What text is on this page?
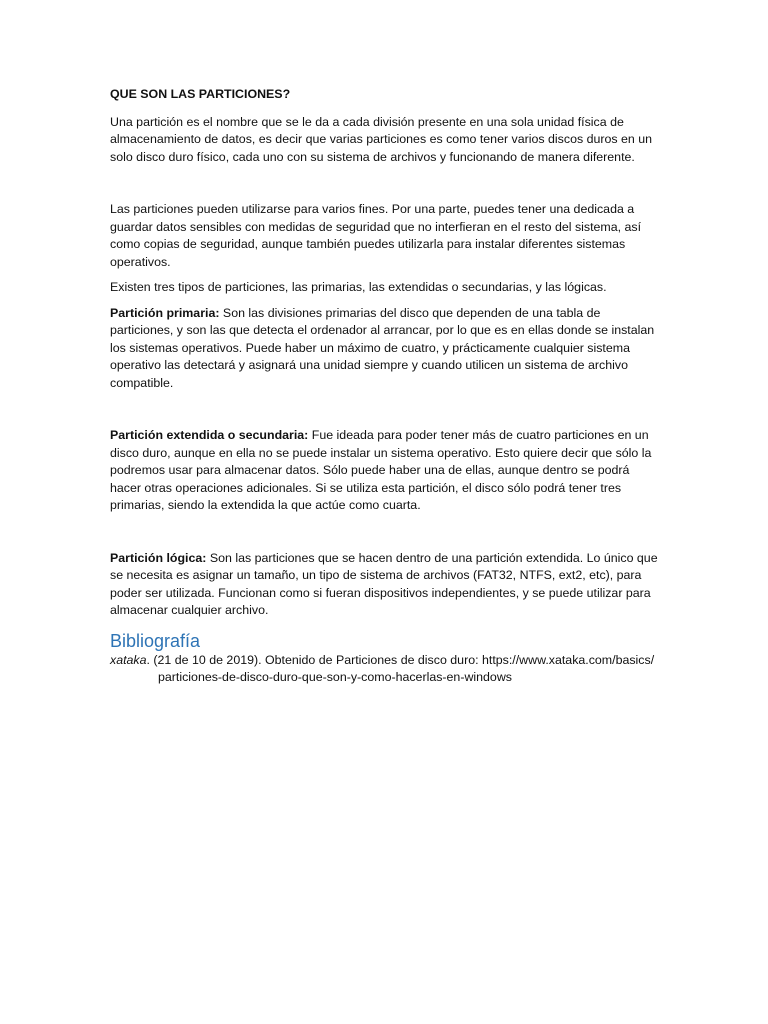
QUE SON LAS PARTICIONES?

Una partición es el nombre que se le da a cada división presente en una sola unidad física de almacenamiento de datos, es decir que varias particiones es como tener varios discos duros en un solo disco duro físico, cada uno con su sistema de archivos y funcionando de manera diferente.

Las particiones pueden utilizarse para varios fines. Por una parte, puedes tener una dedicada a guardar datos sensibles con medidas de seguridad que no interfieran en el resto del sistema, así como copias de seguridad, aunque también puedes utilizarla para instalar diferentes sistemas operativos.

Existen tres tipos de particiones, las primarias, las extendidas o secundarias, y las lógicas.

Partición primaria: Son las divisiones primarias del disco que dependen de una tabla de particiones, y son las que detecta el ordenador al arrancar, por lo que es en ellas donde se instalan los sistemas operativos. Puede haber un máximo de cuatro, y prácticamente cualquier sistema operativo las detectará y asignará una unidad siempre y cuando utilicen un sistema de archivo compatible.

Partición extendida o secundaria: Fue ideada para poder tener más de cuatro particiones en un disco duro, aunque en ella no se puede instalar un sistema operativo. Esto quiere decir que sólo la podremos usar para almacenar datos. Sólo puede haber una de ellas, aunque dentro se podrá hacer otras operaciones adicionales. Si se utiliza esta partición, el disco sólo podrá tener tres primarias, siendo la extendida la que actúe como cuarta.

Partición lógica: Son las particiones que se hacen dentro de una partición extendida. Lo único que se necesita es asignar un tamaño, un tipo de sistema de archivos (FAT32, NTFS, ext2, etc), para poder ser utilizada. Funcionan como si fueran dispositivos independientes, y se puede utilizar para almacenar cualquier archivo.

Bibliografía

xataka. (21 de 10 de 2019). Obtenido de Particiones de disco duro: https://www.xataka.com/basics/particiones-de-disco-duro-que-son-y-como-hacerlas-en-windows
